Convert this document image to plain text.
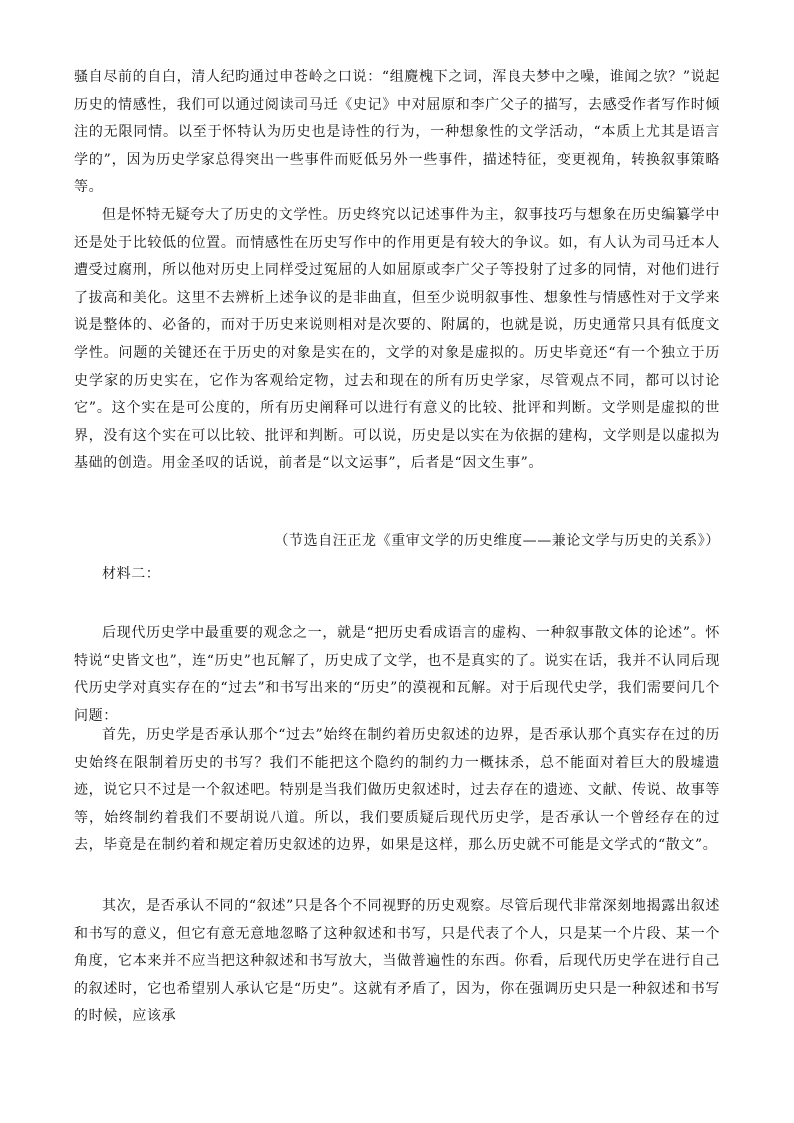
骚自尽前的自白，清人纪昀通过申苍岭之口说：“组麑槐下之词，浑良夫梦中之噪，谁闻之欤？”说起历史的情感性，我们可以通过阅读司马迁《史记》中对屈原和李广父子的描写，去感受作者写作时倾注的无限同情。以至于怀特认为历史也是诗性的行为，一种想象性的文学活动，“本质上尤其是语言学的”，因为历史学家总得突出一些事件而贬低另外一些事件，描述特征，变更视角，转换叙事策略等。

但是怀特无疑夸大了历史的文学性。历史终究以记述事件为主，叙事技巧与想象在历史编纂学中还是处于比较低的位置。而情感性在历史写作中的作用更是有较大的争议。如，有人认为司马迁本人遭受过腐刑，所以他对历史上同样受过冤屈的人如屈原或李广父子等投射了过多的同情，对他们进行了拔高和美化。这里不去辨析上述争议的是非曲直，但至少说明叙事性、想象性与情感性对于文学来说是整体的、必备的，而对于历史来说则相对是次要的、附属的，也就是说，历史通常只具有低度文学性。问题的关键还在于历史的对象是实在的，文学的对象是虚拟的。历史毕竟还“有一个独立于历史学家的历史实在，它作为客观给定物，过去和现在的所有历史学家，尽管观点不同，都可以讨论它”。这个实在是可公度的，所有历史阐释可以进行有意义的比较、批评和判断。文学则是虚拟的世界，没有这个实在可以比较、批评和判断。可以说，历史是以实在为依据的建构，文学则是以虚拟为基础的创造。用金圣叹的话说，前者是“以文运事”，后者是“因文生事”。

（节选自汪正龙《重审文学的历史维度——兼论文学与历史的关系》）

材料二：

后现代历史学中最重要的观念之一，就是“把历史看成语言的虚构、一种叙事散文体的论述”。怀特说“史皆文也”，连“历史”也瓦解了，历史成了文学，也不是真实的了。说实在话，我并不认同后现代历史学对真实存在的“过去”和书写出来的“历史”的漠视和瓦解。对于后现代史学，我们需要问几个问题：

首先，历史学是否承认那个“过去”始终在制约着历史叙述的边界，是否承认那个真实存在过的历史始终在限制着历史的书写？我们不能把这个隐约的制约力一概抹杀，总不能面对着巨大的殷墟遗迹，说它只不过是一个叙述吧。特别是当我们做历史叙述时，过去存在的遗迹、文献、传说、故事等等，始终制约着我们不要胡说八道。所以，我们要质疑后现代历史学，是否承认一个曾经存在的过去，毕竟是在制约着和规定着历史叙述的边界，如果是这样，那么历史就不可能是文学式的“散文”。

其次，是否承认不同的“叙述”只是各个不同视野的历史观察。尽管后现代非常深刻地揭露出叙述和书写的意义，但它有意无意地忽略了这种叙述和书写，只是代表了个人，只是某一个片段、某一个角度，它本来并不应当把这种叙述和书写放大，当做普遍性的东西。你看，后现代历史学在进行自己的叙述时，它也希望别人承认它是“历史”。这就有矛盾了，因为，你在强调历史只是一种叙述和书写的时候，应该承
